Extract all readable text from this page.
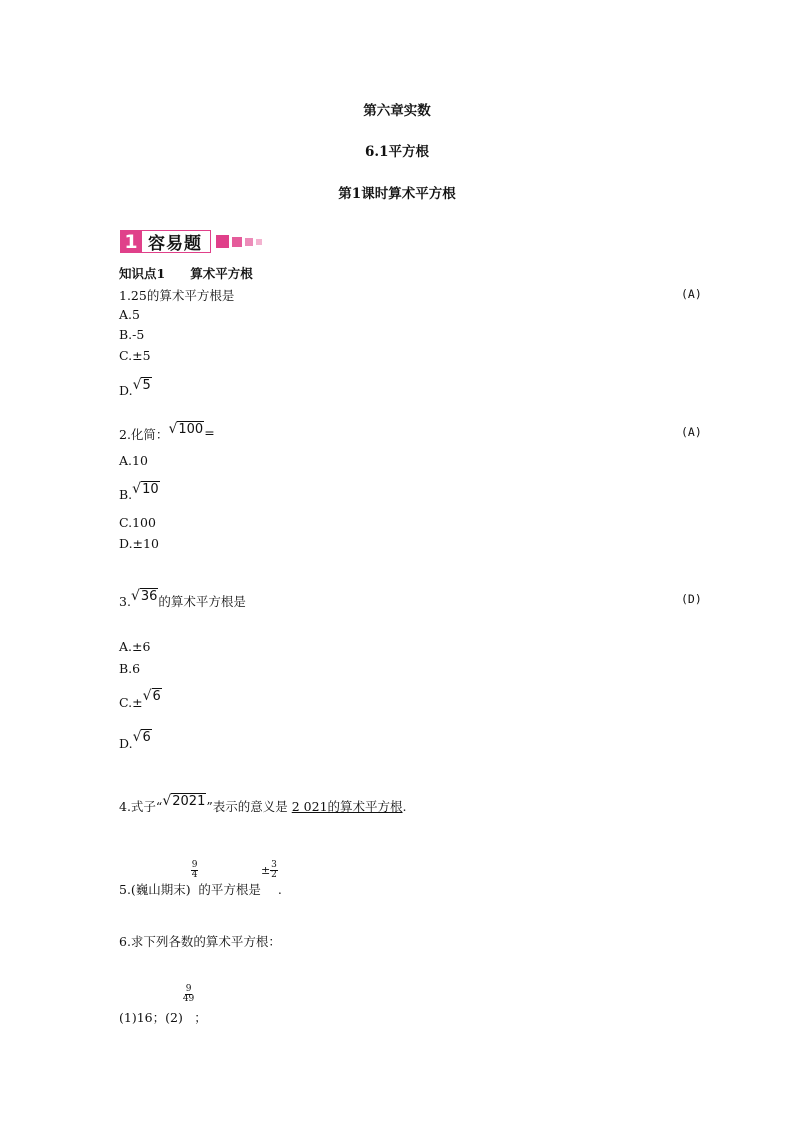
第六章实数
6.1平方根
第1课时算术平方根
1 容易题
知识点1　　算术平方根
1.25的算术平方根是	(A)
A.5
B.-5
C.±5
D.√5
2.化简：√100=	(A)
A.10
B.√10
C.100
D.±10
3.√36的算术平方根是	(D)
A.±6
B.6
C.±√6
D.√6
4.式子“√2021”表示的意义是 2 021的算术平方根.
5.(巍山期末)
$\frac{9}{4}$
的平方根是
± $\frac{3}{2}$
.
6.求下列各数的算术平方根：
(1)16；(2)
$\frac{9}{49}$
；
